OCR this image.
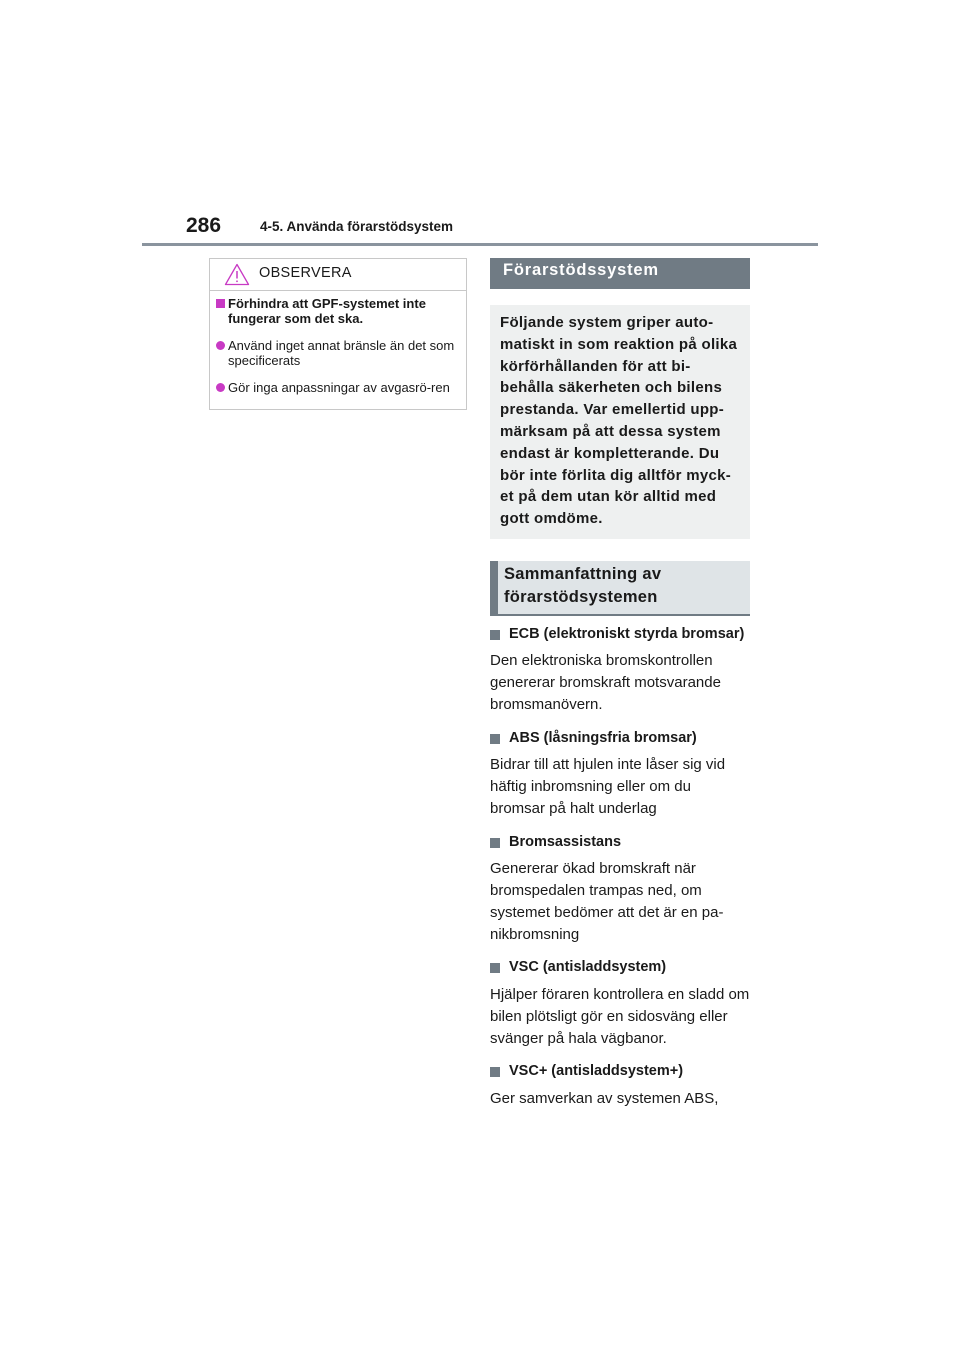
286	4-5. Använda förarstödsystem
OBSERVERA
Förhindra att GPF-systemet inte fungerar som det ska.
Använd inget annat bränsle än det som specificerats
Gör inga anpassningar av avgasrö-ren
Förarstödssystem
Följande system griper auto-matiskt in som reaktion på olika körförhållanden för att bi-behålla säkerheten och bilens prestanda. Var emellertid upp-märksam på att dessa system endast är kompletterande. Du bör inte förlita dig alltför myck-et på dem utan kör alltid med gott omdöme.
Sammanfattning av förarstödsystemen
ECB (elektroniskt styrda bromsar)
Den elektroniska bromskontrollen genererar bromskraft motsvarande bromsmanövern.
ABS (låsningsfria bromsar)
Bidrar till att hjulen inte låser sig vid häftig inbromsning eller om du bromsar på halt underlag
Bromsassistans
Genererar ökad bromskraft när bromspedalen trampas ned, om systemet bedömer att det är en pa-nikbromsning
VSC (antisladdsystem)
Hjälper föraren kontrollera en sladd om bilen plötsligt gör en sidosväng eller svänger på hala vägbanor.
VSC+ (antisladdsystem+)
Ger samverkan av systemen ABS,
